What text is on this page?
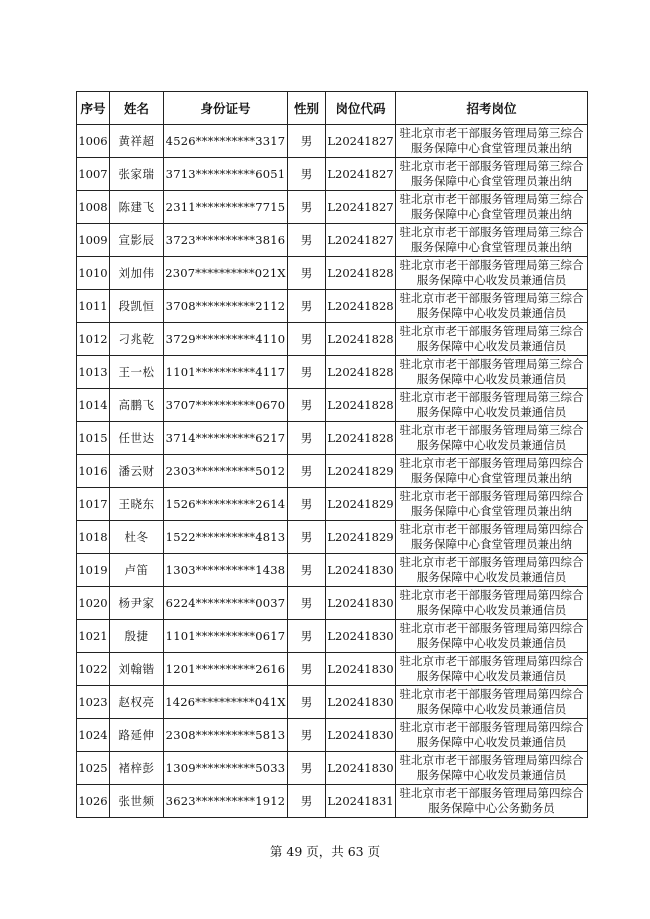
序号	姓名	身份证号	性别	岗位代码	招考岗位
1006	黄祥超	4526**********3317	男	L20241827	驻北京市老干部服务管理局第三综合服务保障中心食堂管理员兼出纳
1007	张家瑞	3713**********6051	男	L20241827	驻北京市老干部服务管理局第三综合服务保障中心食堂管理员兼出纳
1008	陈建飞	2311**********7715	男	L20241827	驻北京市老干部服务管理局第三综合服务保障中心食堂管理员兼出纳
1009	宣影辰	3723**********3816	男	L20241827	驻北京市老干部服务管理局第三综合服务保障中心食堂管理员兼出纳
1010	刘加伟	2307**********021X	男	L20241828	驻北京市老干部服务管理局第三综合服务保障中心收发员兼通信员
1011	段凯恒	3708**********2112	男	L20241828	驻北京市老干部服务管理局第三综合服务保障中心收发员兼通信员
1012	刁兆乾	3729**********4110	男	L20241828	驻北京市老干部服务管理局第三综合服务保障中心收发员兼通信员
1013	王一松	1101**********4117	男	L20241828	驻北京市老干部服务管理局第三综合服务保障中心收发员兼通信员
1014	高鹏飞	3707**********0670	男	L20241828	驻北京市老干部服务管理局第三综合服务保障中心收发员兼通信员
1015	任世达	3714**********6217	男	L20241828	驻北京市老干部服务管理局第三综合服务保障中心收发员兼通信员
1016	潘云财	2303**********5012	男	L20241829	驻北京市老干部服务管理局第四综合服务保障中心食堂管理员兼出纳
1017	王晓东	1526**********2614	男	L20241829	驻北京市老干部服务管理局第四综合服务保障中心食堂管理员兼出纳
1018	杜冬	1522**********4813	男	L20241829	驻北京市老干部服务管理局第四综合服务保障中心食堂管理员兼出纳
1019	卢笛	1303**********1438	男	L20241830	驻北京市老干部服务管理局第四综合服务保障中心收发员兼通信员
1020	杨尹家	6224**********0037	男	L20241830	驻北京市老干部服务管理局第四综合服务保障中心收发员兼通信员
1021	殷捷	1101**********0617	男	L20241830	驻北京市老干部服务管理局第四综合服务保障中心收发员兼通信员
1022	刘翰锴	1201**********2616	男	L20241830	驻北京市老干部服务管理局第四综合服务保障中心收发员兼通信员
1023	赵权亮	1426**********041X	男	L20241830	驻北京市老干部服务管理局第四综合服务保障中心收发员兼通信员
1024	路延伸	2308**********5813	男	L20241830	驻北京市老干部服务管理局第四综合服务保障中心收发员兼通信员
1025	褚梓彭	1309**********5033	男	L20241830	驻北京市老干部服务管理局第四综合服务保障中心收发员兼通信员
1026	张世频	3623**********1912	男	L20241831	驻北京市老干部服务管理局第四综合服务保障中心公务勤务员
第 49 页，共 63 页
